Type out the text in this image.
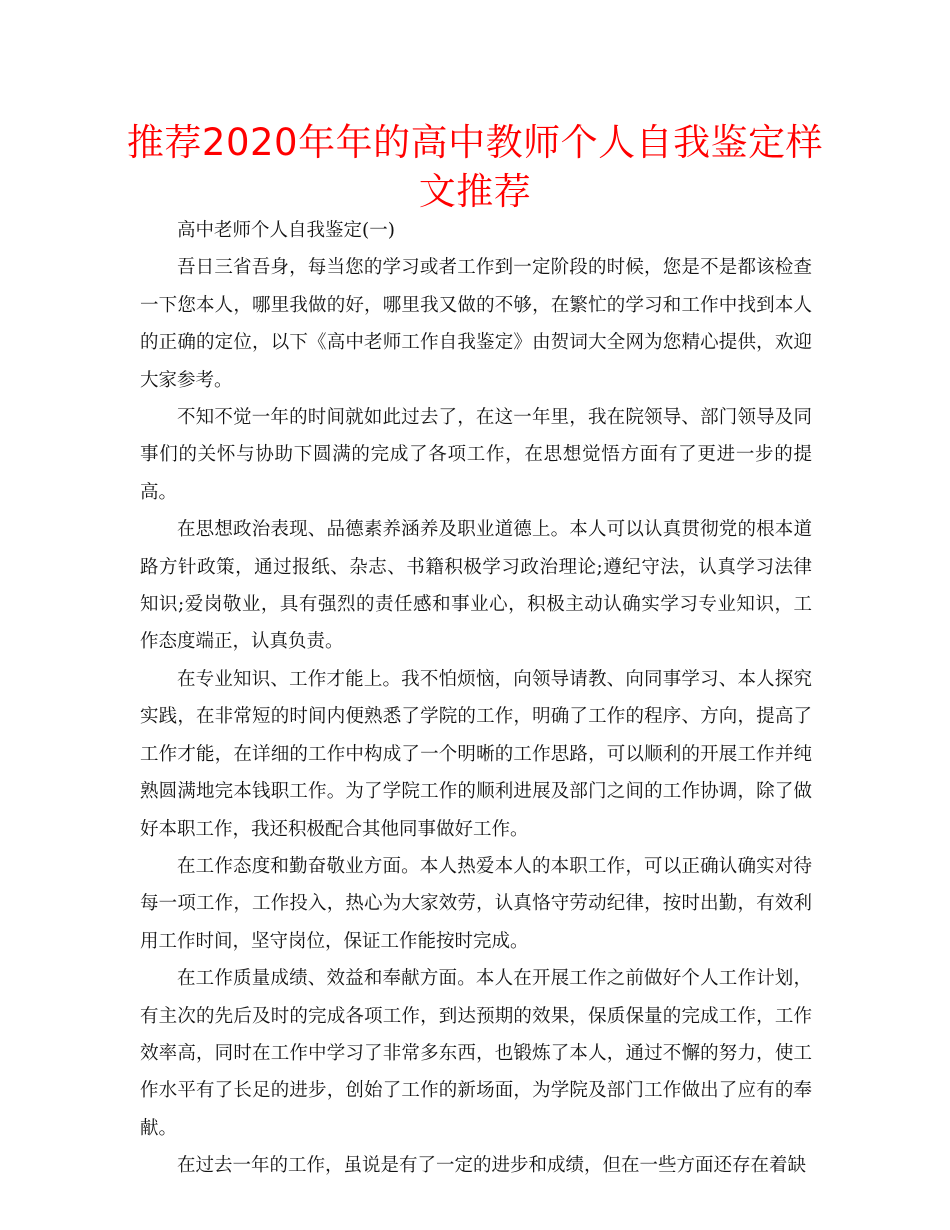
推荐2020年年的高中教师个人自我鉴定样文推荐

高中老师个人自我鉴定(一)

吾日三省吾身，每当您的学习或者工作到一定阶段的时候，您是不是都该检查一下您本人，哪里我做的好，哪里我又做的不够，在繁忙的学习和工作中找到本人的正确的定位，以下《高中老师工作自我鉴定》由贺词大全网为您精心提供，欢迎大家参考。

不知不觉一年的时间就如此过去了，在这一年里，我在院领导、部门领导及同事们的关怀与协助下圆满的完成了各项工作，在思想觉悟方面有了更进一步的提高。

在思想政治表现、品德素养涵养及职业道德上。本人可以认真贯彻党的根本道路方针政策，通过报纸、杂志、书籍积极学习政治理论;遵纪守法，认真学习法律知识;爱岗敬业，具有强烈的责任感和事业心，积极主动认确实学习专业知识，工作态度端正，认真负责。

在专业知识、工作才能上。我不怕烦恼，向领导请教、向同事学习、本人探究实践，在非常短的时间内便熟悉了学院的工作，明确了工作的程序、方向，提高了工作才能，在详细的工作中构成了一个明晰的工作思路，可以顺利的开展工作并纯熟圆满地完本钱职工作。为了学院工作的顺利进展及部门之间的工作协调，除了做好本职工作，我还积极配合其他同事做好工作。

在工作态度和勤奋敬业方面。本人热爱本人的本职工作，可以正确认确实对待每一项工作，工作投入，热心为大家效劳，认真恪守劳动纪律，按时出勤，有效利用工作时间，坚守岗位，保证工作能按时完成。

在工作质量成绩、效益和奉献方面。本人在开展工作之前做好个人工作计划，有主次的先后及时的完成各项工作，到达预期的效果，保质保量的完成工作，工作效率高，同时在工作中学习了非常多东西，也锻炼了本人，通过不懈的努力，使工作水平有了长足的进步，创始了工作的新场面，为学院及部门工作做出了应有的奉献。

在过去一年的工作，虽说是有了一定的进步和成绩，但在一些方面还存在着缺
